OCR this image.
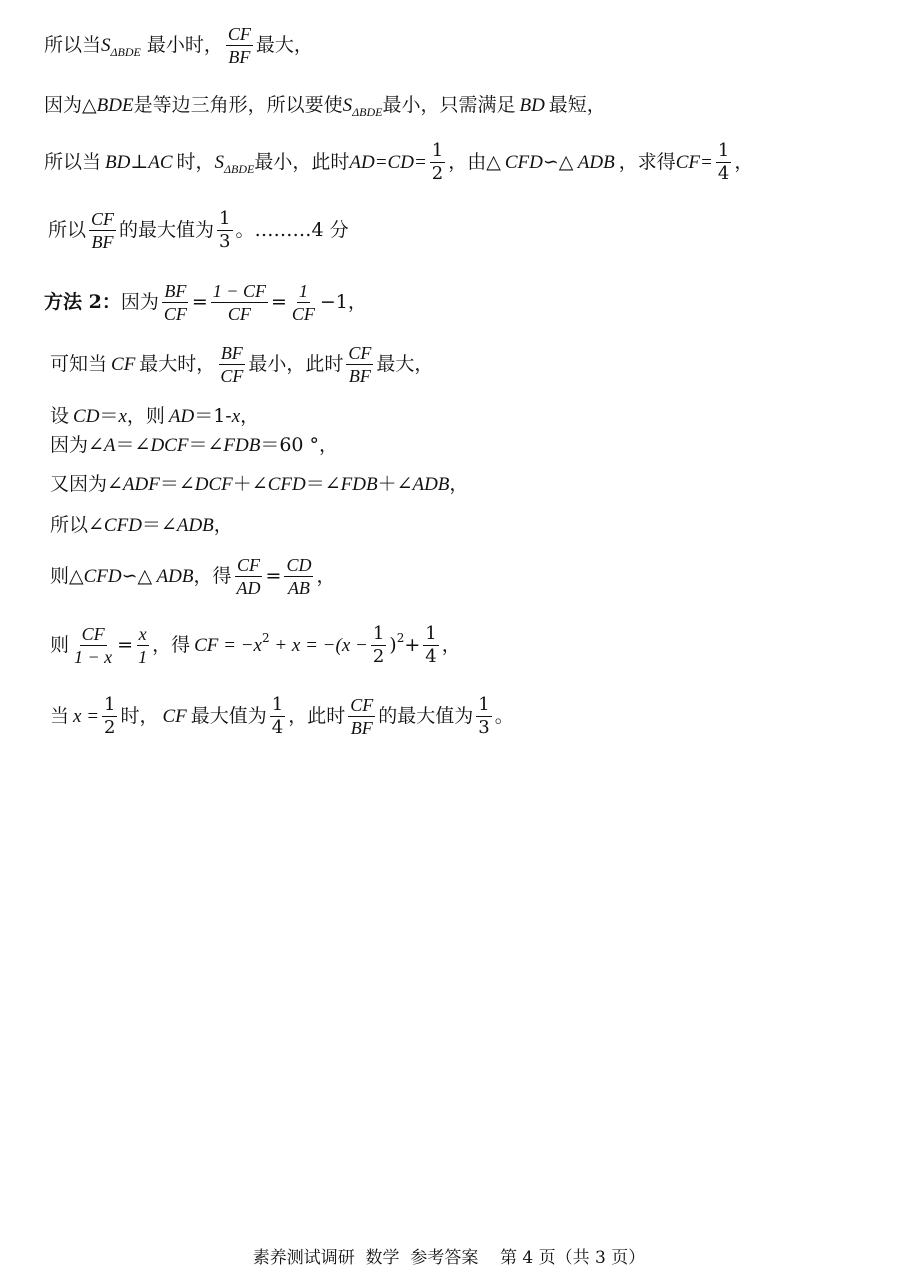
所以当 S ΔBDE 最小时， $\frac{CF}{BF}$ 最大，
因为△ BDE 是等边三角形，所以要使 S ΔBDE 最小，只需满足 BD 最短，
所以当 BD⊥AC 时， S ΔBDE 最小，此时 $AD=CD= \frac{1}{2}$ ，由△ CFD∽△ ADB ，求得 $CF= \frac{1}{4}$ ，
所以 $\frac{CF}{BF}$ 的最大值为 $\frac{1}{3}$ 。………4 分
方法 2： 因为 $\frac{BF}{CF} = \frac{1 - CF}{CF} = \frac{1}{CF} -1$，
可知当 CF 最大时， $\frac{BF}{CF}$ 最小，此时 $\frac{CF}{BF}$ 最大，
设 CD ＝ x ，则 AD ＝1- x ，
因为∠ A ＝∠ DCF ＝∠ FDB ＝60 °，
又因为∠ ADF ＝∠ DCF ＋∠ CFD ＝∠ FDB ＋∠ ADB ，
所以∠ CFD ＝∠ ADB ，
则△ CFD∽△ ADB ，得 $\frac{CF}{AD} = \frac{CD}{AB}$ ，
则 $\frac{CF}{1 - x} = \frac{x}{1}$ ，得 CF = −x $2 + x = -(x - \frac{1}{2}$ ) $2 + \frac{1}{4}$ ，
当 $x = \frac{1}{2}$ 时， CF 最大值为 $\frac{1}{4}$ ，此时 $\frac{CF}{BF}$ 的最大值为 $\frac{1}{3}$ 。
素养测试调研  数学  参考答案    第 4 页（共 3 页）
